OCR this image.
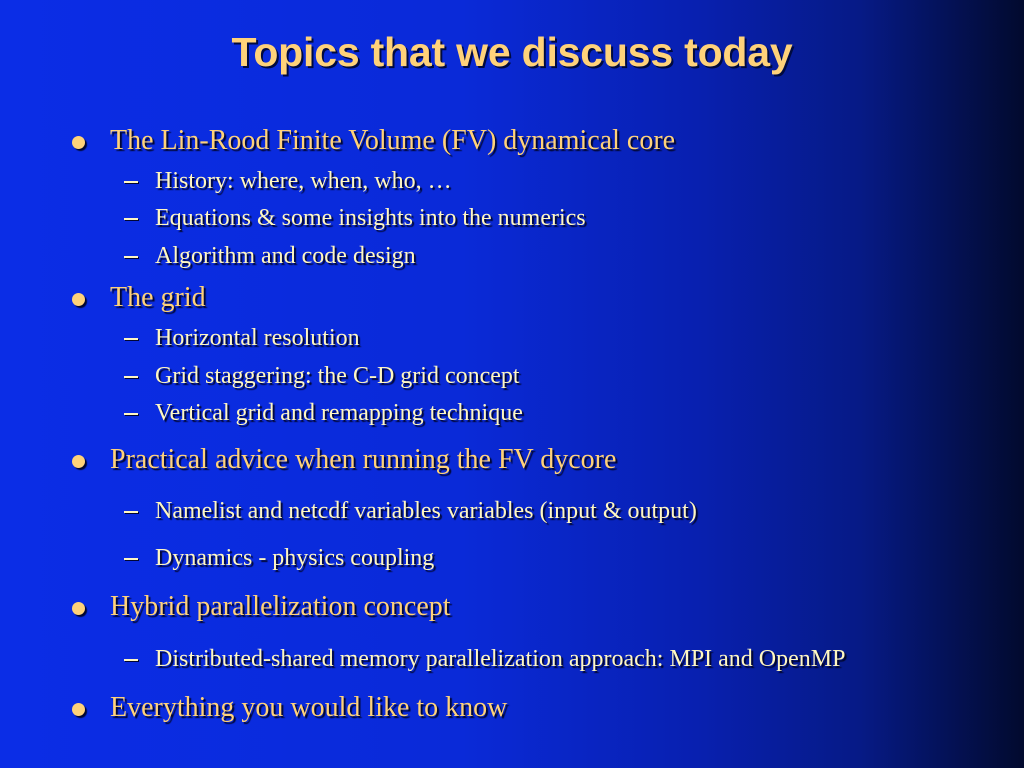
Topics that we discuss today
The Lin-Rood Finite Volume (FV) dynamical core
History: where, when, who, …
Equations & some insights into the numerics
Algorithm and code design
The grid
Horizontal resolution
Grid staggering: the C-D grid concept
Vertical grid and remapping technique
Practical advice when running the FV dycore
Namelist and netcdf variables variables (input & output)
Dynamics - physics coupling
Hybrid parallelization concept
Distributed-shared memory parallelization approach: MPI and OpenMP
Everything you would like to know
